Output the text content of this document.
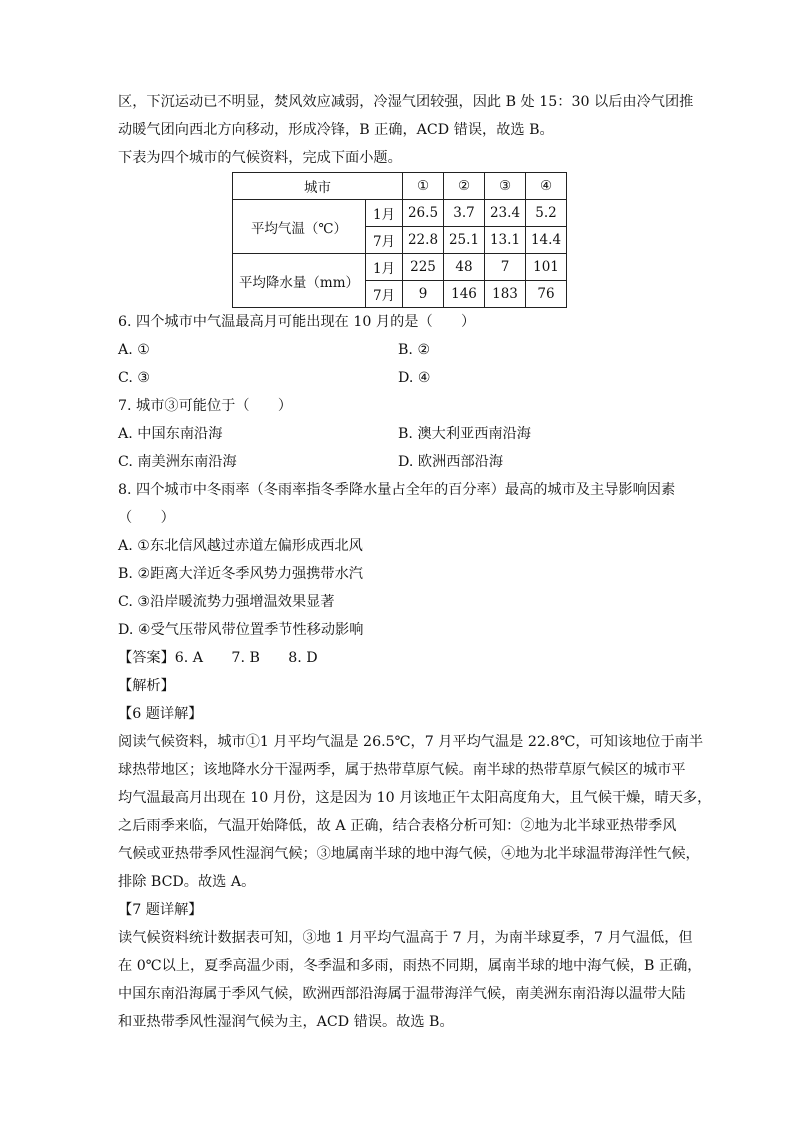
区，下沉运动已不明显，焚风效应减弱，冷湿气团较强，因此 B 处 15：30 以后由冷气团推
动暖气团向西北方向移动，形成冷锋，B 正确，ACD 错误，故选 B。
下表为四个城市的气候资料，完成下面小题。
城市		①	②	③	④
平均气温（℃）	1月	26.5	3.7	23.4	5.2
	7月	22.8	25.1	13.1	14.4
平均降水量（mm）	1月	225	48	7	101
	7月	9	146	183	76
6. 四个城市中气温最高月可能出现在 10 月的是（　　）
A. ①	B. ②
C. ③	D. ④
7. 城市③可能位于（　　）
A. 中国东南沿海	B. 澳大利亚西南沿海
C. 南美洲东南沿海	D. 欧洲西部沿海
8. 四个城市中冬雨率（冬雨率指冬季降水量占全年的百分率）最高的城市及主导影响因素
（　　）
A. ①东北信风越过赤道左偏形成西北风
B. ②距离大洋近冬季风势力强携带水汽
C. ③沿岸暖流势力强增温效果显著
D. ④受气压带风带位置季节性移动影响
【答案】6. A　　7. B　　8. D
【解析】
【6 题详解】
阅读气候资料，城市①1 月平均气温是 26.5℃，7 月平均气温是 22.8℃，可知该地位于南半
球热带地区；该地降水分干湿两季，属于热带草原气候。南半球的热带草原气候区的城市平
均气温最高月出现在 10 月份，这是因为 10 月该地正午太阳高度角大，且气候干燥，晴天多，
之后雨季来临，气温开始降低，故 A 正确，结合表格分析可知：②地为北半球亚热带季风
气候或亚热带季风性湿润气候；③地属南半球的地中海气候，④地为北半球温带海洋性气候，
排除 BCD。故选 A。
【7 题详解】
读气候资料统计数据表可知，③地 1 月平均气温高于 7 月，为南半球夏季，7 月气温低，但
在 0℃以上，夏季高温少雨，冬季温和多雨，雨热不同期，属南半球的地中海气候，B 正确，
中国东南沿海属于季风气候，欧洲西部沿海属于温带海洋气候，南美洲东南沿海以温带大陆
和亚热带季风性湿润气候为主，ACD 错误。故选 B。
